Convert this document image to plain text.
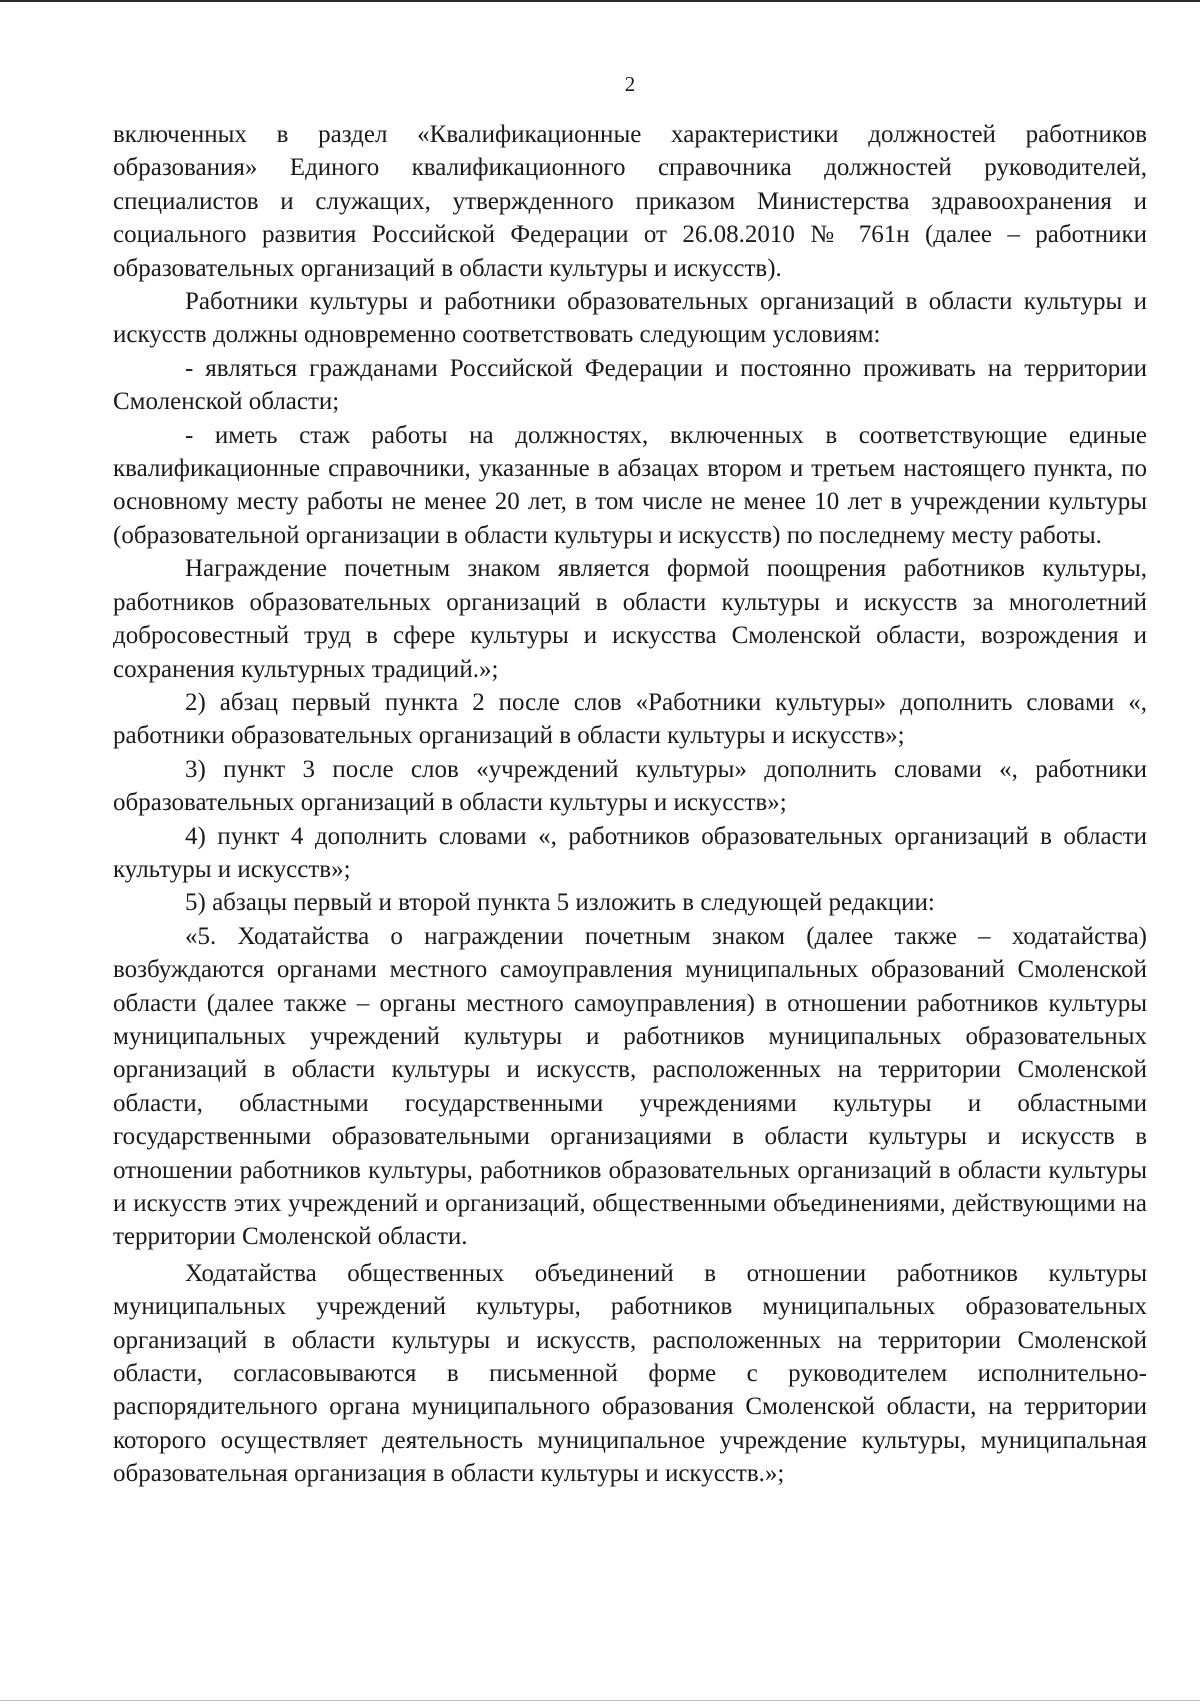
2

включенных в раздел «Квалификационные характеристики должностей работников образования» Единого квалификационного справочника должностей руководителей, специалистов и служащих, утвержденного приказом Министерства здравоохранения и социального развития Российской Федерации от 26.08.2010 № 761н (далее – работники образовательных организаций в области культуры и искусств).

Работники культуры и работники образовательных организаций в области культуры и искусств должны одновременно соответствовать следующим условиям:

- являться гражданами Российской Федерации и постоянно проживать на территории Смоленской области;

- иметь стаж работы на должностях, включенных в соответствующие единые квалификационные справочники, указанные в абзацах втором и третьем настоящего пункта, по основному месту работы не менее 20 лет, в том числе не менее 10 лет в учреждении культуры (образовательной организации в области культуры и искусств) по последнему месту работы.

Награждение почетным знаком является формой поощрения работников культуры, работников образовательных организаций в области культуры и искусств за многолетний добросовестный труд в сфере культуры и искусства Смоленской области, возрождения и сохранения культурных традиций.»;

2) абзац первый пункта 2 после слов «Работники культуры» дополнить словами «, работники образовательных организаций в области культуры и искусств»;

3) пункт 3 после слов «учреждений культуры» дополнить словами «, работники образовательных организаций в области культуры и искусств»;

4) пункт 4 дополнить словами «, работников образовательных организаций в области культуры и искусств»;

5) абзацы первый и второй пункта 5 изложить в следующей редакции:

«5. Ходатайства о награждении почетным знаком (далее также – ходатайства) возбуждаются органами местного самоуправления муниципальных образований Смоленской области (далее также – органы местного самоуправления) в отношении работников культуры муниципальных учреждений культуры и работников муниципальных образовательных организаций в области культуры и искусств, расположенных на территории Смоленской области, областными государственными учреждениями культуры и областными государственными образовательными организациями в области культуры и искусств в отношении работников культуры, работников образовательных организаций в области культуры и искусств этих учреждений и организаций, общественными объединениями, действующими на территории Смоленской области.

Ходатайства общественных объединений в отношении работников культуры муниципальных учреждений культуры, работников муниципальных образовательных организаций в области культуры и искусств, расположенных на территории Смоленской области, согласовываются в письменной форме с руководителем исполнительно-распорядительного органа муниципального образования Смоленской области, на территории которого осуществляет деятельность муниципальное учреждение культуры, муниципальная образовательная организация в области культуры и искусств.»;
